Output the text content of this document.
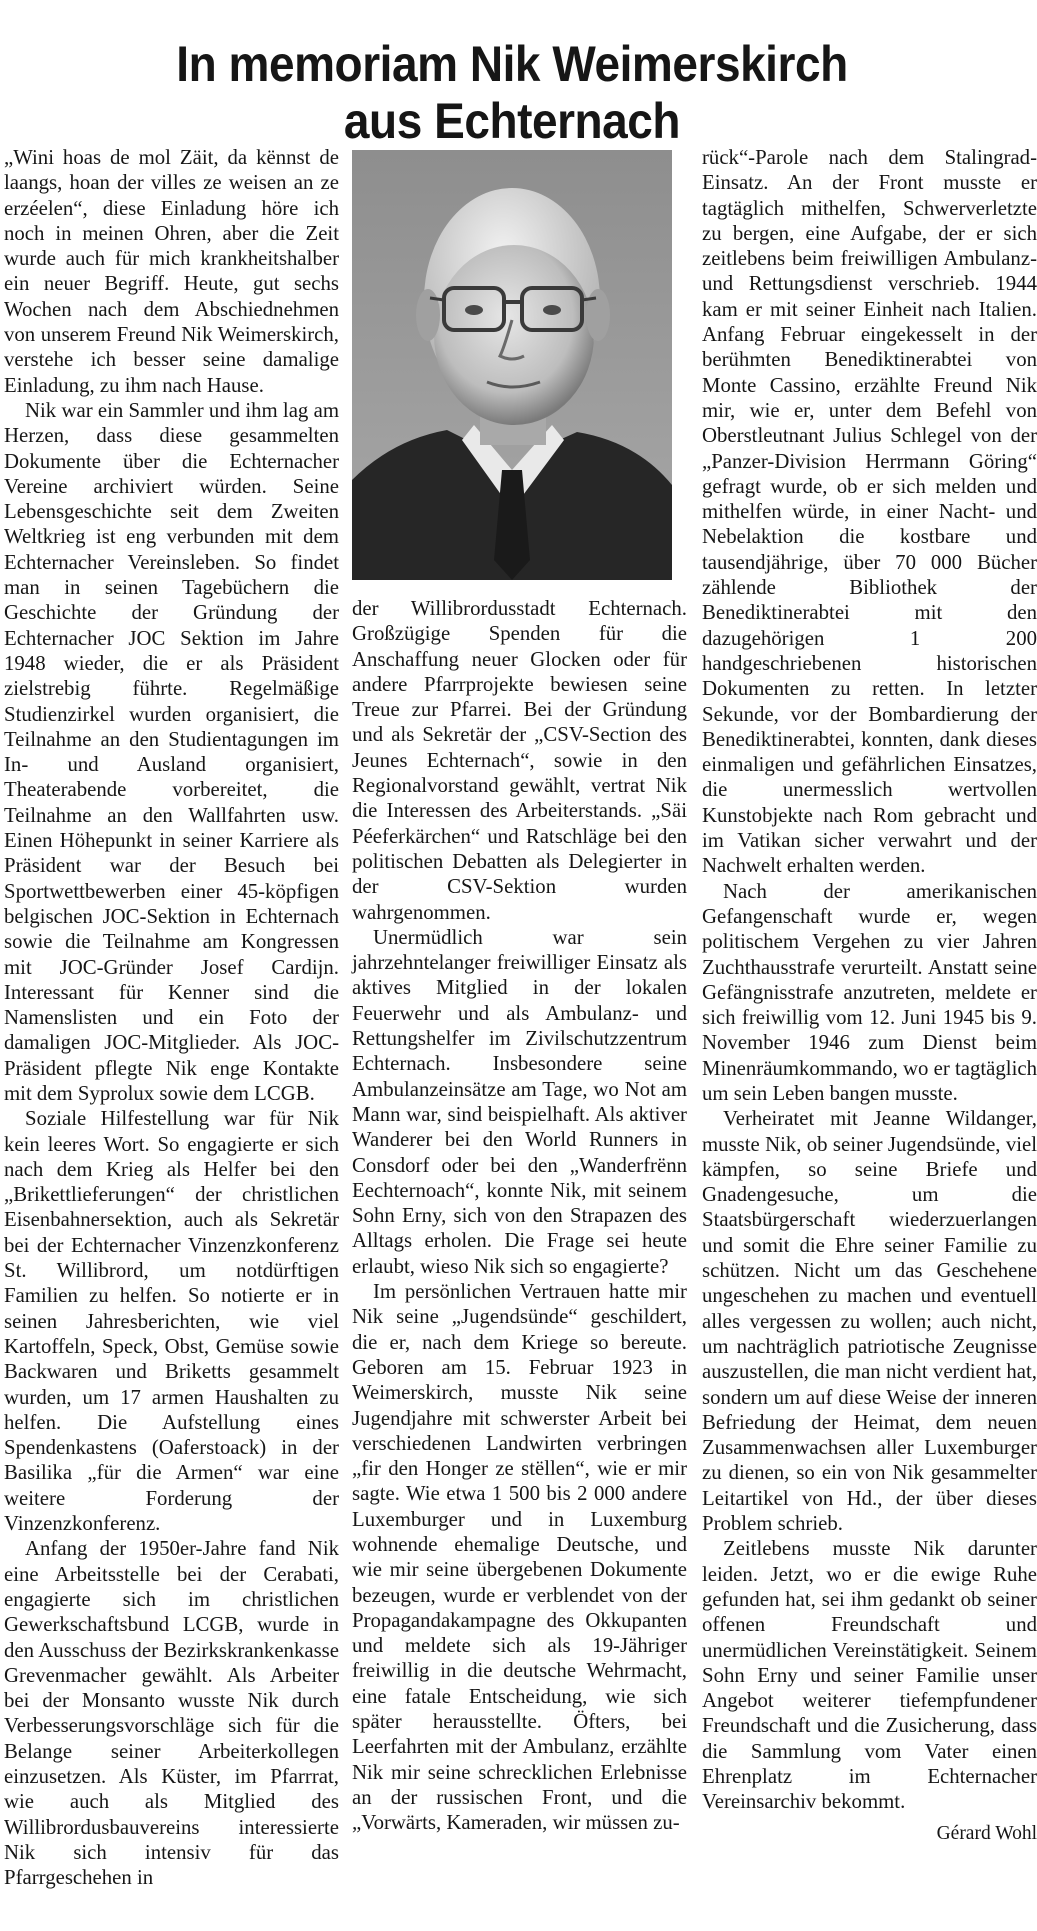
In memoriam Nik Weimerskirch
aus Echternach

„Wini hoas de mol Zäit, da kënnst de laangs, hoan der villes ze weisen an ze erzéelen“, diese Einladung höre ich noch in meinen Ohren, aber die Zeit wurde auch für mich krankheitshalber ein neuer Begriff. Heute, gut sechs Wochen nach dem Abschiednehmen von unserem Freund Nik Weimerskirch, verstehe ich besser seine damalige Einladung, zu ihm nach Hause.

Nik war ein Sammler und ihm lag am Herzen, dass diese gesammelten Dokumente über die Echternacher Vereine archiviert würden. Seine Lebensgeschichte seit dem Zweiten Weltkrieg ist eng verbunden mit dem Echternacher Vereinsleben. So findet man in seinen Tagebüchern die Geschichte der Gründung der Echternacher JOC Sektion im Jahre 1948 wieder, die er als Präsident zielstrebig führte. Regelmäßige Studienzirkel wurden organisiert, die Teilnahme an den Studientagungen im In- und Ausland organisiert, Theaterabende vorbereitet, die Teilnahme an den Wallfahrten usw. Einen Höhepunkt in seiner Karriere als Präsident war der Besuch bei Sportwettbewerben einer 45-köpfigen belgischen JOC-Sektion in Echternach sowie die Teilnahme am Kongressen mit JOC-Gründer Josef Cardijn. Interessant für Kenner sind die Namenslisten und ein Foto der damaligen JOC-Mitglieder. Als JOC-Präsident pflegte Nik enge Kontakte mit dem Syprolux sowie dem LCGB.

Soziale Hilfestellung war für Nik kein leeres Wort. So engagierte er sich nach dem Krieg als Helfer bei den „Brikettlieferungen“ der christlichen Eisenbahnersektion, auch als Sekretär bei der Echternacher Vinzenzkonferenz St. Willibrord, um notdürftigen Familien zu helfen. So notierte er in seinen Jahresberichten, wie viel Kartoffeln, Speck, Obst, Gemüse sowie Backwaren und Briketts gesammelt wurden, um 17 armen Haushalten zu helfen. Die Aufstellung eines Spendenkastens (Oaferstoack) in der Basilika „für die Armen“ war eine weitere Forderung der Vinzenzkonferenz.

Anfang der 1950er-Jahre fand Nik eine Arbeitsstelle bei der Cerabati, engagierte sich im christlichen Gewerkschaftsbund LCGB, wurde in den Ausschuss der Bezirkskrankenkasse Grevenmacher gewählt. Als Arbeiter bei der Monsanto wusste Nik durch Verbesserungsvorschläge sich für die Belange seiner Arbeiterkollegen einzusetzen. Als Küster, im Pfarrrat, wie auch als Mitglied des Willibrordusbauvereins interessierte Nik sich intensiv für das Pfarrgeschehen in

der Willibrordusstadt Echternach. Großzügige Spenden für die Anschaffung neuer Glocken oder für andere Pfarrprojekte bewiesen seine Treue zur Pfarrei. Bei der Gründung und als Sekretär der „CSV-Section des Jeunes Echternach“, sowie in den Regionalvorstand gewählt, vertrat Nik die Interessen des Arbeiterstands. „Säi Péeferkärchen“ und Ratschläge bei den politischen Debatten als Delegierter in der CSV-Sektion wurden wahrgenommen.

Unermüdlich war sein jahrzehntelanger freiwilliger Einsatz als aktives Mitglied in der lokalen Feuerwehr und als Ambulanz- und Rettungshelfer im Zivilschutzzentrum Echternach. Insbesondere seine Ambulanzeinsätze am Tage, wo Not am Mann war, sind beispielhaft. Als aktiver Wanderer bei den World Runners in Consdorf oder bei den „Wanderfrënn Eechternoach“, konnte Nik, mit seinem Sohn Erny, sich von den Strapazen des Alltags erholen. Die Frage sei heute erlaubt, wieso Nik sich so engagierte?

Im persönlichen Vertrauen hatte mir Nik seine „Jugendsünde“ geschildert, die er, nach dem Kriege so bereute. Geboren am 15. Februar 1923 in Weimerskirch, musste Nik seine Jugendjahre mit schwerster Arbeit bei verschiedenen Landwirten verbringen „fir den Honger ze stëllen“, wie er mir sagte. Wie etwa 1 500 bis 2 000 andere Luxemburger und in Luxemburg wohnende ehemalige Deutsche, und wie mir seine übergebenen Dokumente bezeugen, wurde er verblendet von der Propagandakampagne des Okkupanten und meldete sich als 19-Jähriger freiwillig in die deutsche Wehrmacht, eine fatale Entscheidung, wie sich später herausstellte. Öfters, bei Leerfahrten mit der Ambulanz, erzählte Nik mir seine schrecklichen Erlebnisse an der russischen Front, und die „Vorwärts, Kameraden, wir müssen zu-

rück“-Parole nach dem Stalingrad-Einsatz. An der Front musste er tagtäglich mithelfen, Schwerverletzte zu bergen, eine Aufgabe, der er sich zeitlebens beim freiwilligen Ambulanz- und Rettungsdienst verschrieb. 1944 kam er mit seiner Einheit nach Italien. Anfang Februar eingekesselt in der berühmten Benediktinerabtei von Monte Cassino, erzählte Freund Nik mir, wie er, unter dem Befehl von Oberstleutnant Julius Schlegel von der „Panzer-Division Herrmann Göring“ gefragt wurde, ob er sich melden und mithelfen würde, in einer Nacht- und Nebelaktion die kostbare und tausendjährige, über 70 000 Bücher zählende Bibliothek der Benediktinerabtei mit den dazugehörigen 1 200 handgeschriebenen historischen Dokumenten zu retten. In letzter Sekunde, vor der Bombardierung der Benediktinerabtei, konnten, dank dieses einmaligen und gefährlichen Einsatzes, die unermesslich wertvollen Kunstobjekte nach Rom gebracht und im Vatikan sicher verwahrt und der Nachwelt erhalten werden.

Nach der amerikanischen Gefangenschaft wurde er, wegen politischem Vergehen zu vier Jahren Zuchthausstrafe verurteilt. Anstatt seine Gefängnisstrafe anzutreten, meldete er sich freiwillig vom 12. Juni 1945 bis 9. November 1946 zum Dienst beim Minenräumkommando, wo er tagtäglich um sein Leben bangen musste.

Verheiratet mit Jeanne Wildanger, musste Nik, ob seiner Jugendsünde, viel kämpfen, so seine Briefe und Gnadengesuche, um die Staatsbürgerschaft wiederzuerlangen und somit die Ehre seiner Familie zu schützen. Nicht um das Geschehene ungeschehen zu machen und eventuell alles vergessen zu wollen; auch nicht, um nachträglich patriotische Zeugnisse auszustellen, die man nicht verdient hat, sondern um auf diese Weise der inneren Befriedung der Heimat, dem neuen Zusammenwachsen aller Luxemburger zu dienen, so ein von Nik gesammelter Leitartikel von Hd., der über dieses Problem schrieb.

Zeitlebens musste Nik darunter leiden. Jetzt, wo er die ewige Ruhe gefunden hat, sei ihm gedankt ob seiner offenen Freundschaft und unermüdlichen Vereinstätigkeit. Seinem Sohn Erny und seiner Familie unser Angebot weiterer tiefempfundener Freundschaft und die Zusicherung, dass die Sammlung vom Vater einen Ehrenplatz im Echternacher Vereinsarchiv bekommt.

Gérard Wohl
